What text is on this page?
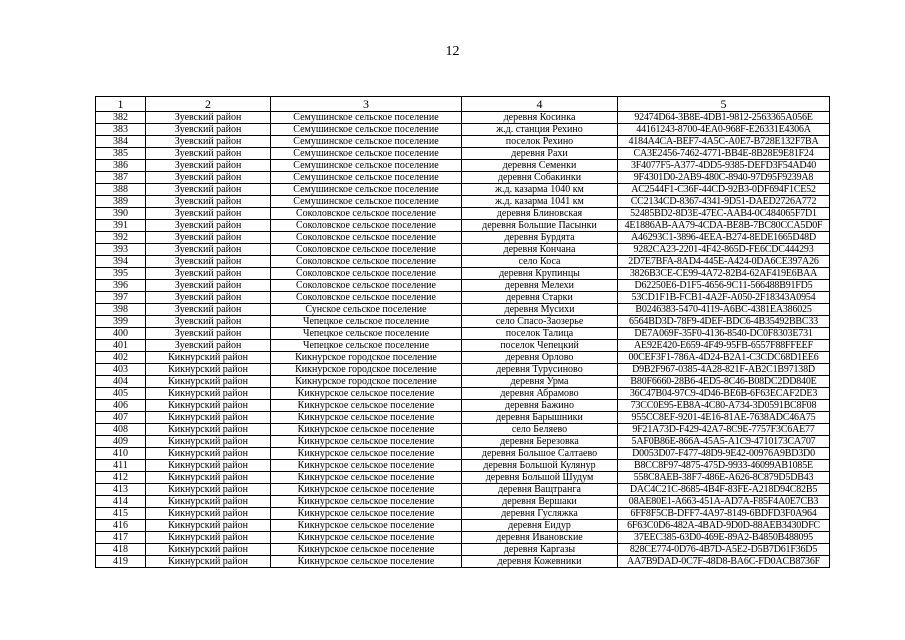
12
1	2	3	4	5
382	Зуевский район	Семушинское сельское поселение	деревня Косинка	92474D64-3B8E-4DB1-9812-2563365A056E
383	Зуевский район	Семушинское сельское поселение	ж.д. станция Рехино	44161243-8700-4EA0-968F-E26331E4306A
384	Зуевский район	Семушинское сельское поселение	поселок Рехино	4184A4CA-BEF7-4A5C-A0E7-B728E132F7BA
385	Зуевский район	Семушинское сельское поселение	деревня Рахи	CA3E2456-7462-4771-BB4E-8B28E9E81F24
386	Зуевский район	Семушинское сельское поселение	деревня Семенки	3F4077F5-A377-4DD5-9385-DEFD3F54AD40
387	Зуевский район	Семушинское сельское поселение	деревня Собакинки	9F4301D0-2AB9-480C-8940-97D95F9239A8
388	Зуевский район	Семушинское сельское поселение	ж.д. казарма 1040 км	AC2544F1-C36F-44CD-92B3-0DF694F1CE52
389	Зуевский район	Семушинское сельское поселение	ж.д. казарма 1041 км	CC2134CD-8367-4341-9D51-DAED2726A772
390	Зуевский район	Соколовское сельское поселение	деревня Блиновская	52485BD2-8D3E-47EC-AAB4-0C484065F7D1
391	Зуевский район	Соколовское сельское поселение	деревня Большие Пасынки	4E1886AB-AA79-4CDA-BE8B-7BC80CCA5D0F
392	Зуевский район	Соколовское сельское поселение	деревня Бурдята	A46293C1-3896-4EEA-B274-8EDE1665D48D
393	Зуевский район	Соколовское сельское поселение	деревня Кончана	9282CA23-2201-4F42-865D-FE6CDC444293
394	Зуевский район	Соколовское сельское поселение	село Коса	2D7E7BFA-8AD4-445E-A424-0DA6CE397A26
395	Зуевский район	Соколовское сельское поселение	деревня Крупинцы	3826B3CE-CE99-4A72-82B4-62AF419E6BAA
396	Зуевский район	Соколовское сельское поселение	деревня Мелехи	D62250E6-D1F5-4656-9C11-566488B91FD5
397	Зуевский район	Соколовское сельское поселение	деревня Старки	53CD1F1B-FCB1-4A2F-A050-2F18343A0954
398	Зуевский район	Сунское сельское поселение	деревня Мусихи	B0246383-5470-4119-A6BC-4381EA386025
399	Зуевский район	Чепецкое сельское поселение	село Спасо-Заозерье	6564BD3D-78F9-4DEF-BDC6-4B35492BBC33
400	Зуевский район	Чепецкое сельское поселение	поселок Талица	DE7A069F-35F0-4136-8540-DC0F8303E731
401	Зуевский район	Чепецкое сельское поселение	поселок Чепецкий	AE92E420-E659-4F49-95FB-6557F88FFEEF
402	Кикнурский район	Кикнурское городское поселение	деревня Орлово	00CEF3F1-786A-4D24-B2A1-C3CDC68D1EE6
403	Кикнурский район	Кикнурское городское поселение	деревня Турусиново	D9B2F967-0385-4A28-821F-AB2C1B97138D
404	Кикнурский район	Кикнурское городское поселение	деревня Урма	B80F6660-28B6-4ED5-8C46-B08DC2DD840E
405	Кикнурский район	Кикнурское сельское поселение	деревня Абрамово	36C47B04-97C9-4D46-BE6B-6F63ECAF2DE3
406	Кикнурский район	Кикнурское сельское поселение	деревня Бажино	73CC0E95-EB8A-4C80-A734-3D0591BC8F08
407	Кикнурский район	Кикнурское сельское поселение	деревня Барышники	955CC8EF-9201-4E16-81AE-7638ADC46A75
408	Кикнурский район	Кикнурское сельское поселение	село Беляево	9F21A73D-F429-42A7-8C9E-7757F3C6AE77
409	Кикнурский район	Кикнурское сельское поселение	деревня Березовка	5AF0B86E-866A-45A5-A1C9-4710173CA707
410	Кикнурский район	Кикнурское сельское поселение	деревня Большое Салтаево	D0053D07-F477-48D9-9E42-00976A9BD3D0
411	Кикнурский район	Кикнурское сельское поселение	деревня Большой Кулянур	B8CC8F97-4875-475D-9933-46099AB1085E
412	Кикнурский район	Кикнурское сельское поселение	деревня Большой Шудум	558C8AEB-38F7-486E-A626-8C879D5DB43
413	Кикнурский район	Кикнурское сельское поселение	деревня Ващтранга	DAC4C21C-8685-4B4F-83FE-A218D94C82B5
414	Кикнурский район	Кикнурское сельское поселение	деревня Вершаки	08AE80E1-A663-451A-AD7A-F85F4A0E7CB3
415	Кикнурский район	Кикнурское сельское поселение	деревня Гусляжка	6FF8F5CB-DFF7-4A97-8149-6BDFD3F0A964
416	Кикнурский район	Кикнурское сельское поселение	деревня Еидур	6F63C0D6-482A-4BAD-9D0D-88AEB3430DFC
417	Кикнурский район	Кикнурское сельское поселение	деревня Ивановские	37EEC385-63D0-469E-89A2-B4850B488095
418	Кикнурский район	Кикнурское сельское поселение	деревня Каргазы	828CE774-0D76-4B7D-A5E2-D5B7D61F36D5
419	Кикнурский район	Кикнурское сельское поселение	деревня Кожевники	AA7B9DAD-0C7F-48D8-BA6C-FD0ACB8736F
